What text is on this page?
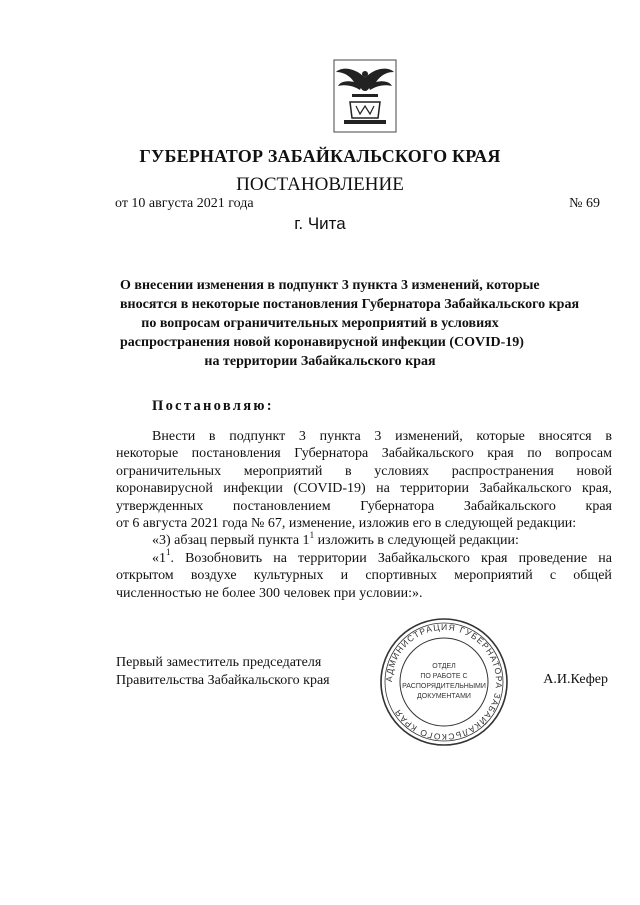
ГУБЕРНАТОР ЗАБАЙКАЛЬСКОГО КРАЯ
ПОСТАНОВЛЕНИЕ
от 10 августа 2021 года	№ 69
г. Чита
О внесении изменения в подпункт 3 пункта 3 изменений, которые
вносятся в некоторые постановления Губернатора Забайкальского края
по вопросам ограничительных мероприятий в условиях
распространения новой коронавирусной инфекции (COVID-19)
на территории Забайкальского края
Постановляю:
Внести в подпункт 3 пункта 3 изменений, которые вносятся в
некоторые постановления Губернатора Забайкальского края по вопросам
ограничительных мероприятий в условиях распространения новой
коронавирусной инфекции (COVID-19) на территории Забайкальского края,
утвержденных постановлением Губернатора Забайкальского края
от 6 августа 2021 года № 67, изменение, изложив его в следующей редакции:
«3) абзац первый пункта $1^1$ изложить в следующей редакции:
«$1^1$. Возобновить на территории Забайкальского края проведение на
открытом воздухе культурных и спортивных мероприятий с общей
численностью не более 300 человек при условии:».
Первый заместитель председателя
Правительства Забайкальского края	А.И.Кефер
АДМИНИСТРАЦИЯ ГУБЕРНАТОРА ЗАБАЙКАЛЬСКОГО КРАЯ
ОТДЕЛ
ПО РАБОТЕ С
РАСПОРЯДИТЕЛЬНЫМИ
ДОКУМЕНТАМИ
